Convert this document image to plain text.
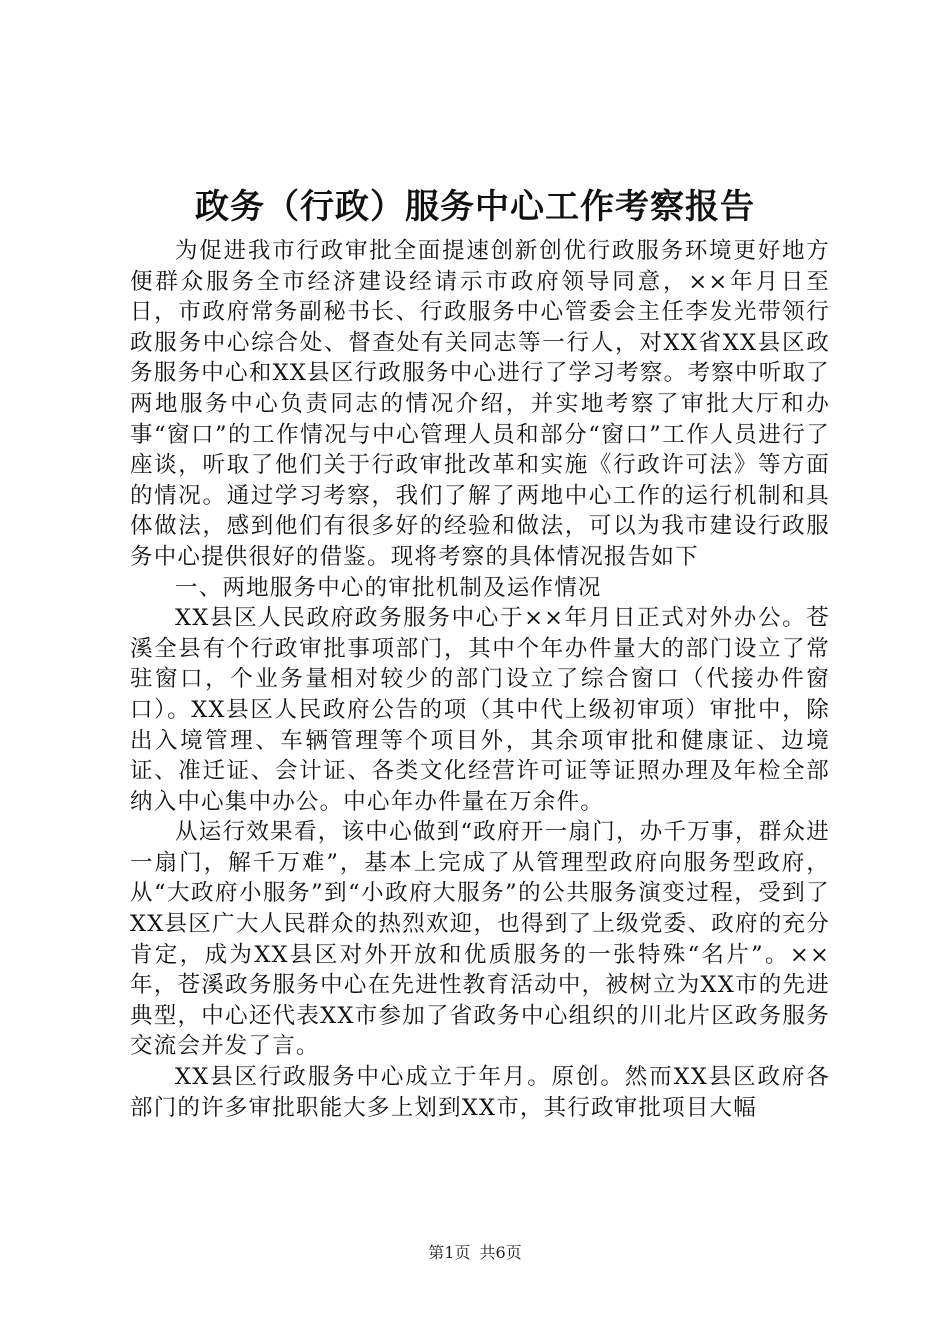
政务（行政）服务中心工作考察报告

为促进我市行政审批全面提速创新创优行政服务环境更好地方便群众服务全市经济建设经请示市政府领导同意，××年月日至日，市政府常务副秘书长、行政服务中心管委会主任李发光带领行政服务中心综合处、督查处有关同志等一行人，对XX省XX县区政务服务中心和XX县区行政服务中心进行了学习考察。考察中听取了两地服务中心负责同志的情况介绍，并实地考察了审批大厅和办事“窗口”的工作情况与中心管理人员和部分“窗口”工作人员进行了座谈，听取了他们关于行政审批改革和实施《行政许可法》等方面的情况。通过学习考察，我们了解了两地中心工作的运行机制和具体做法，感到他们有很多好的经验和做法，可以为我市建设行政服务中心提供很好的借鉴。现将考察的具体情况报告如下

一、两地服务中心的审批机制及运作情况

XX县区人民政府政务服务中心于××年月日正式对外办公。苍溪全县有个行政审批事项部门，其中个年办件量大的部门设立了常驻窗口，个业务量相对较少的部门设立了综合窗口（代接办件窗口）。XX县区人民政府公告的项（其中代上级初审项）审批中，除出入境管理、车辆管理等个项目外，其余项审批和健康证、边境证、准迁证、会计证、各类文化经营许可证等证照办理及年检全部纳入中心集中办公。中心年办件量在万余件。

从运行效果看，该中心做到“政府开一扇门，办千万事，群众进一扇门，解千万难”，基本上完成了从管理型政府向服务型政府，从“大政府小服务”到“小政府大服务”的公共服务演变过程，受到了XX县区广大人民群众的热烈欢迎，也得到了上级党委、政府的充分肯定，成为XX县区对外开放和优质服务的一张特殊“名片”。××年，苍溪政务服务中心在先进性教育活动中，被树立为XX市的先进典型，中心还代表XX市参加了省政务中心组织的川北片区政务服务交流会并发了言。

XX县区行政服务中心成立于年月。原创。然而XX县区政府各部门的许多审批职能大多上划到XX市，其行政审批项目大幅

第1页 共6页
